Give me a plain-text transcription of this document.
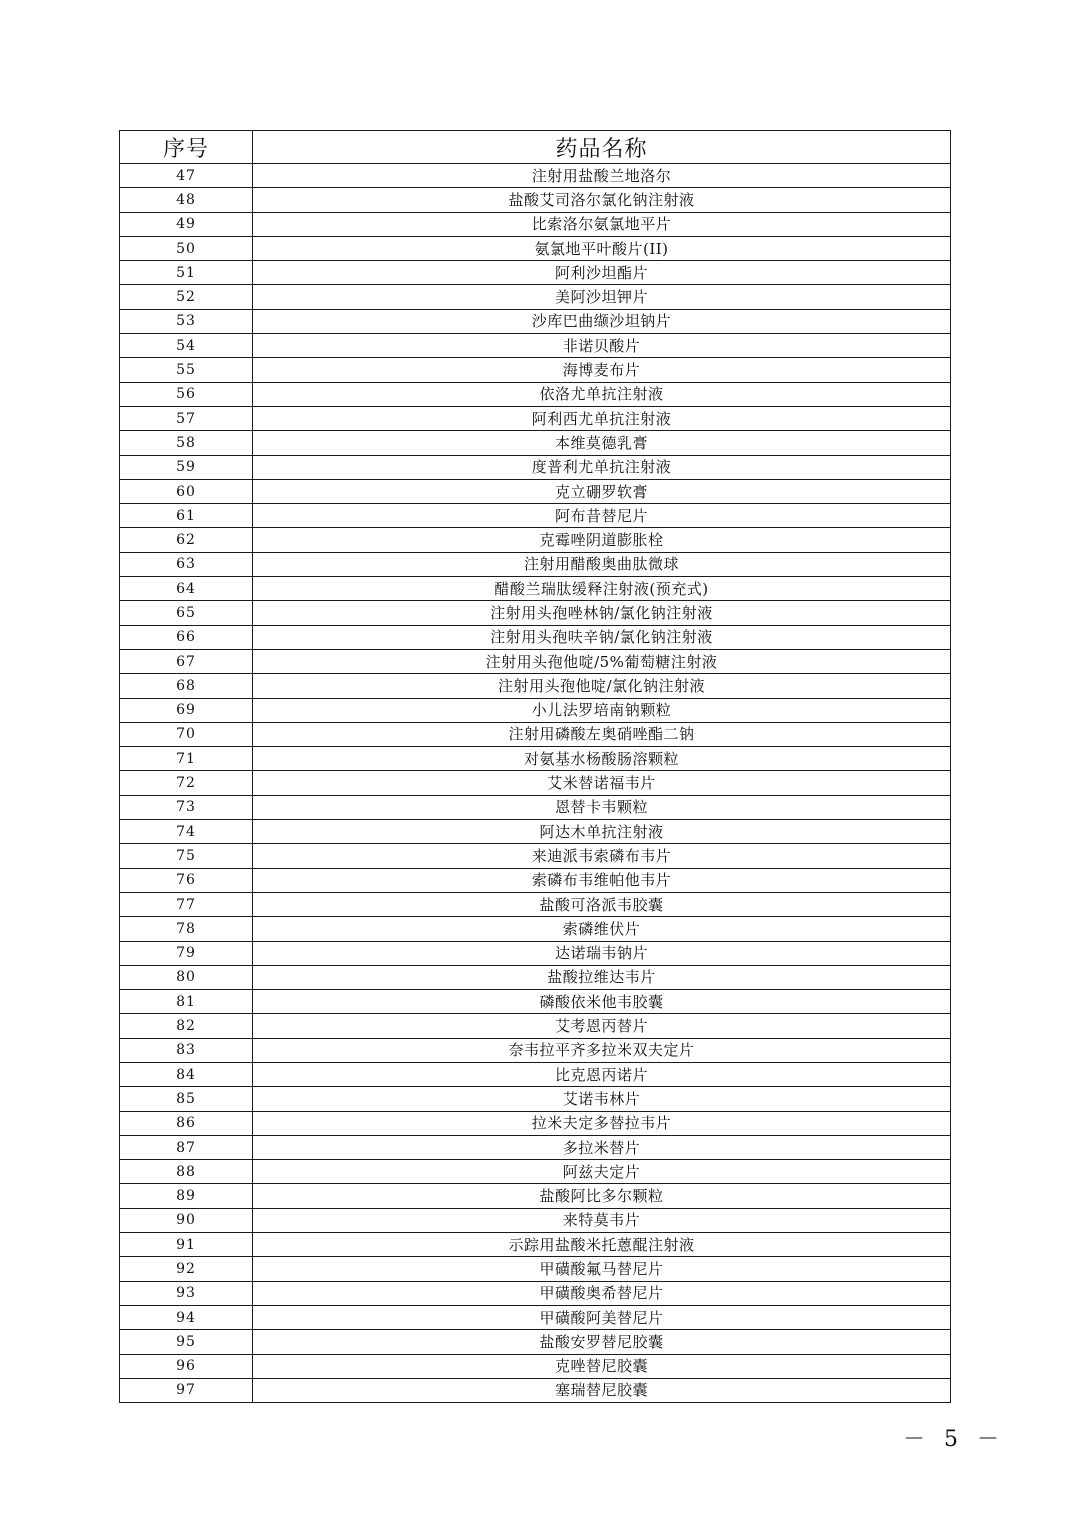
序号	药品名称
47	注射用盐酸兰地洛尔
48	盐酸艾司洛尔氯化钠注射液
49	比索洛尔氨氯地平片
50	氨氯地平叶酸片(II)
51	阿利沙坦酯片
52	美阿沙坦钾片
53	沙库巴曲缬沙坦钠片
54	非诺贝酸片
55	海博麦布片
56	依洛尤单抗注射液
57	阿利西尤单抗注射液
58	本维莫德乳膏
59	度普利尤单抗注射液
60	克立硼罗软膏
61	阿布昔替尼片
62	克霉唑阴道膨胀栓
63	注射用醋酸奥曲肽微球
64	醋酸兰瑞肽缓释注射液(预充式)
65	注射用头孢唑林钠/氯化钠注射液
66	注射用头孢呋辛钠/氯化钠注射液
67	注射用头孢他啶/5%葡萄糖注射液
68	注射用头孢他啶/氯化钠注射液
69	小儿法罗培南钠颗粒
70	注射用磷酸左奥硝唑酯二钠
71	对氨基水杨酸肠溶颗粒
72	艾米替诺福韦片
73	恩替卡韦颗粒
74	阿达木单抗注射液
75	来迪派韦索磷布韦片
76	索磷布韦维帕他韦片
77	盐酸可洛派韦胶囊
78	索磷维伏片
79	达诺瑞韦钠片
80	盐酸拉维达韦片
81	磷酸依米他韦胶囊
82	艾考恩丙替片
83	奈韦拉平齐多拉米双夫定片
84	比克恩丙诺片
85	艾诺韦林片
86	拉米夫定多替拉韦片
87	多拉米替片
88	阿兹夫定片
89	盐酸阿比多尔颗粒
90	来特莫韦片
91	示踪用盐酸米托蒽醌注射液
92	甲磺酸氟马替尼片
93	甲磺酸奥希替尼片
94	甲磺酸阿美替尼片
95	盐酸安罗替尼胶囊
96	克唑替尼胶囊
97	塞瑞替尼胶囊
－ 5 －
